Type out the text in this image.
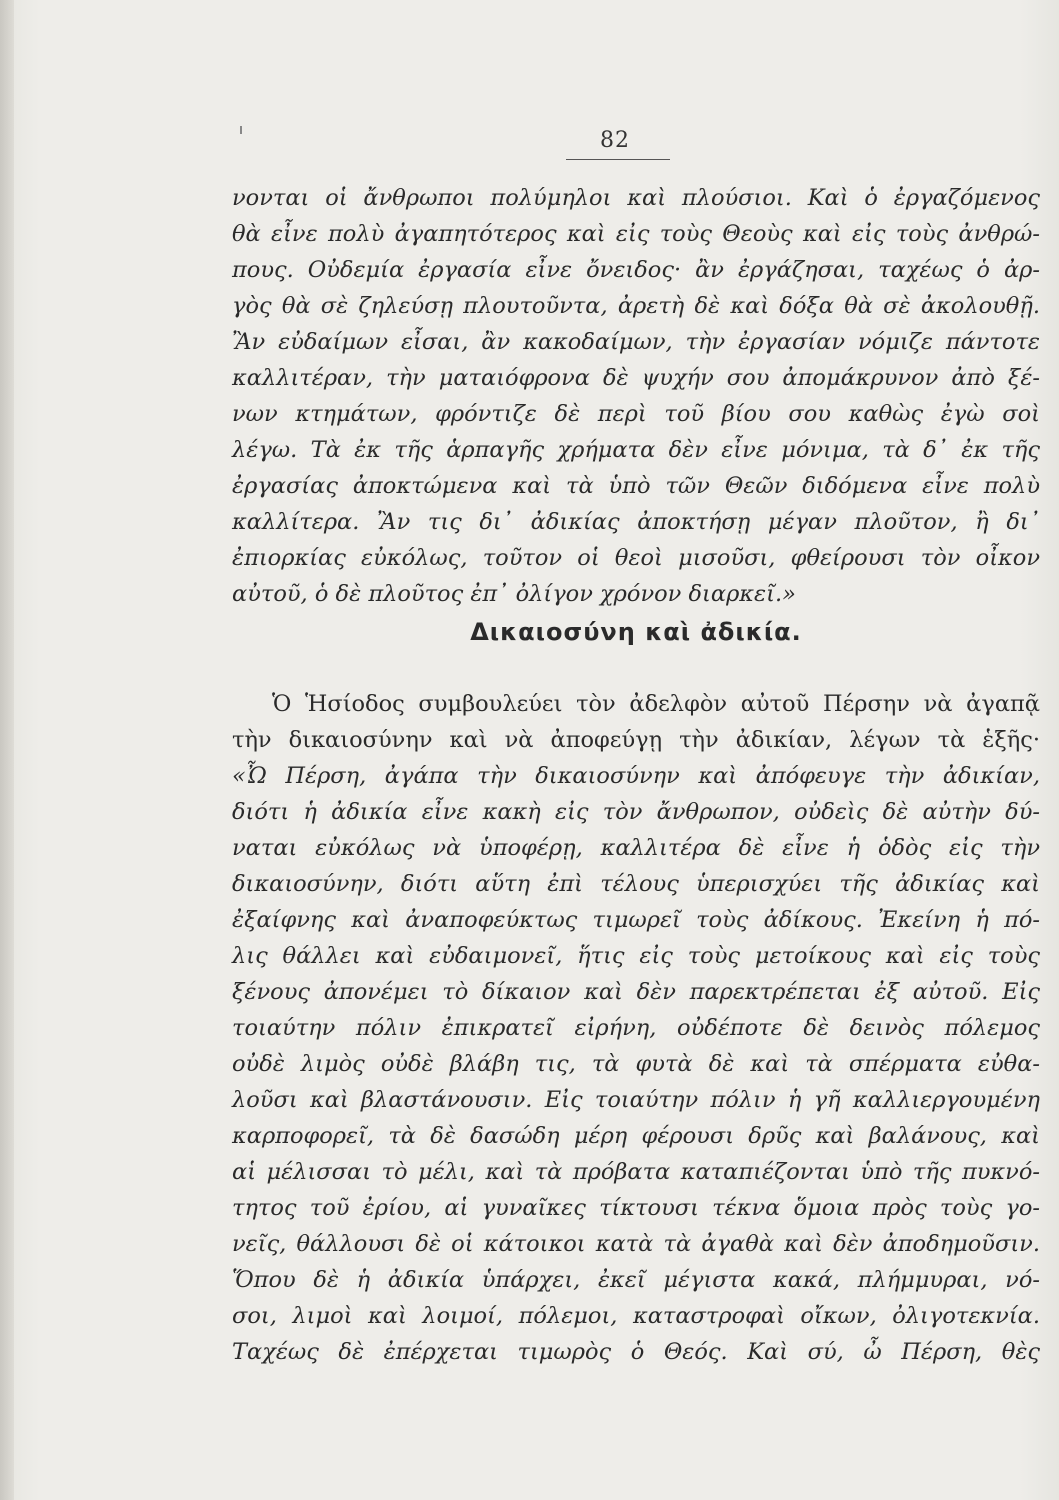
82
νονται οἱ ἄνθρωποι πολύμηλοι καὶ πλούσιοι. Καὶ ὁ ἐργαζόμενος
θὰ εἶνε πολὺ ἀγαπητότερος καὶ εἰς τοὺς Θεοὺς καὶ εἰς τοὺς ἀνθρώ-
πους. Οὐδεμία ἐργασία εἶνε ὄνειδος· ἂν ἐργάζησαι, ταχέως ὁ ἀρ-
γὸς θὰ σὲ ζηλεύσῃ πλουτοῦντα, ἀρετὴ δὲ καὶ δόξα θὰ σὲ ἀκολουθῇ.
Ἂν εὐδαίμων εἶσαι, ἂν κακοδαίμων, τὴν ἐργασίαν νόμιζε πάντοτε
καλλιτέραν, τὴν ματαιόφρονα δὲ ψυχήν σου ἀπομάκρυνον ἀπὸ ξέ-
νων κτημάτων, φρόντιζε δὲ περὶ τοῦ βίου σου καθὼς ἐγὼ σοὶ
λέγω. Τὰ ἐκ τῆς ἁρπαγῆς χρήματα δὲν εἶνε μόνιμα, τὰ δ᾽ ἐκ τῆς
ἐργασίας ἀποκτώμενα καὶ τὰ ὑπὸ τῶν Θεῶν διδόμενα εἶνε πολὺ
καλλίτερα. Ἂν τις δι᾽ ἀδικίας ἀποκτήσῃ μέγαν πλοῦτον, ἢ δι᾽
ἐπιορκίας εὐκόλως, τοῦτον οἱ θεοὶ μισοῦσι, φθείρουσι τὸν οἶκον
αὐτοῦ, ὁ δὲ πλοῦτος ἐπ᾽ ὀλίγον χρόνον διαρκεῖ.»
Δικαιοσύνη καὶ ἀδικία.
Ὁ Ἡσίοδος συμβουλεύει τὸν ἀδελφὸν αὐτοῦ Πέρσην νὰ ἀγαπᾷ
τὴν δικαιοσύνην καὶ νὰ ἀποφεύγῃ τὴν ἀδικίαν, λέγων τὰ ἑξῆς·
«Ὦ Πέρση, ἀγάπα τὴν δικαιοσύνην καὶ ἀπόφευγε τὴν ἀδικίαν,
διότι ἡ ἀδικία εἶνε κακὴ εἰς τὸν ἄνθρωπον, οὐδεὶς δὲ αὐτὴν δύ-
ναται εὐκόλως νὰ ὑποφέρῃ, καλλιτέρα δὲ εἶνε ἡ ὁδὸς εἰς τὴν
δικαιοσύνην, διότι αὕτη ἐπὶ τέλους ὑπερισχύει τῆς ἀδικίας καὶ
ἐξαίφνης καὶ ἀναποφεύκτως τιμωρεῖ τοὺς ἀδίκους. Ἐκείνη ἡ πό-
λις θάλλει καὶ εὐδαιμονεῖ, ἥτις εἰς τοὺς μετοίκους καὶ εἰς τοὺς
ξένους ἀπονέμει τὸ δίκαιον καὶ δὲν παρεκτρέπεται ἐξ αὐτοῦ. Εἰς
τοιαύτην πόλιν ἐπικρατεῖ εἰρήνη, οὐδέποτε δὲ δεινὸς πόλεμος
οὐδὲ λιμὸς οὐδὲ βλάβη τις, τὰ φυτὰ δὲ καὶ τὰ σπέρματα εὐθα-
λοῦσι καὶ βλαστάνουσιν. Εἰς τοιαύτην πόλιν ἡ γῆ καλλιεργουμένη
καρποφορεῖ, τὰ δὲ δασώδη μέρη φέρουσι δρῦς καὶ βαλάνους, καὶ
αἱ μέλισσαι τὸ μέλι, καὶ τὰ πρόβατα καταπιέζονται ὑπὸ τῆς πυκνό-
τητος τοῦ ἐρίου, αἱ γυναῖκες τίκτουσι τέκνα ὅμοια πρὸς τοὺς γο-
νεῖς, θάλλουσι δὲ οἱ κάτοικοι κατὰ τὰ ἀγαθὰ καὶ δὲν ἀποδημοῦσιν.
Ὅπου δὲ ἡ ἀδικία ὑπάρχει, ἐκεῖ μέγιστα κακά, πλήμμυραι, νό-
σοι, λιμοὶ καὶ λοιμοί, πόλεμοι, καταστροφαὶ οἴκων, ὀλιγοτεκνία.
Ταχέως δὲ ἐπέρχεται τιμωρὸς ὁ Θεός. Καὶ σύ, ὦ Πέρση, θὲς
